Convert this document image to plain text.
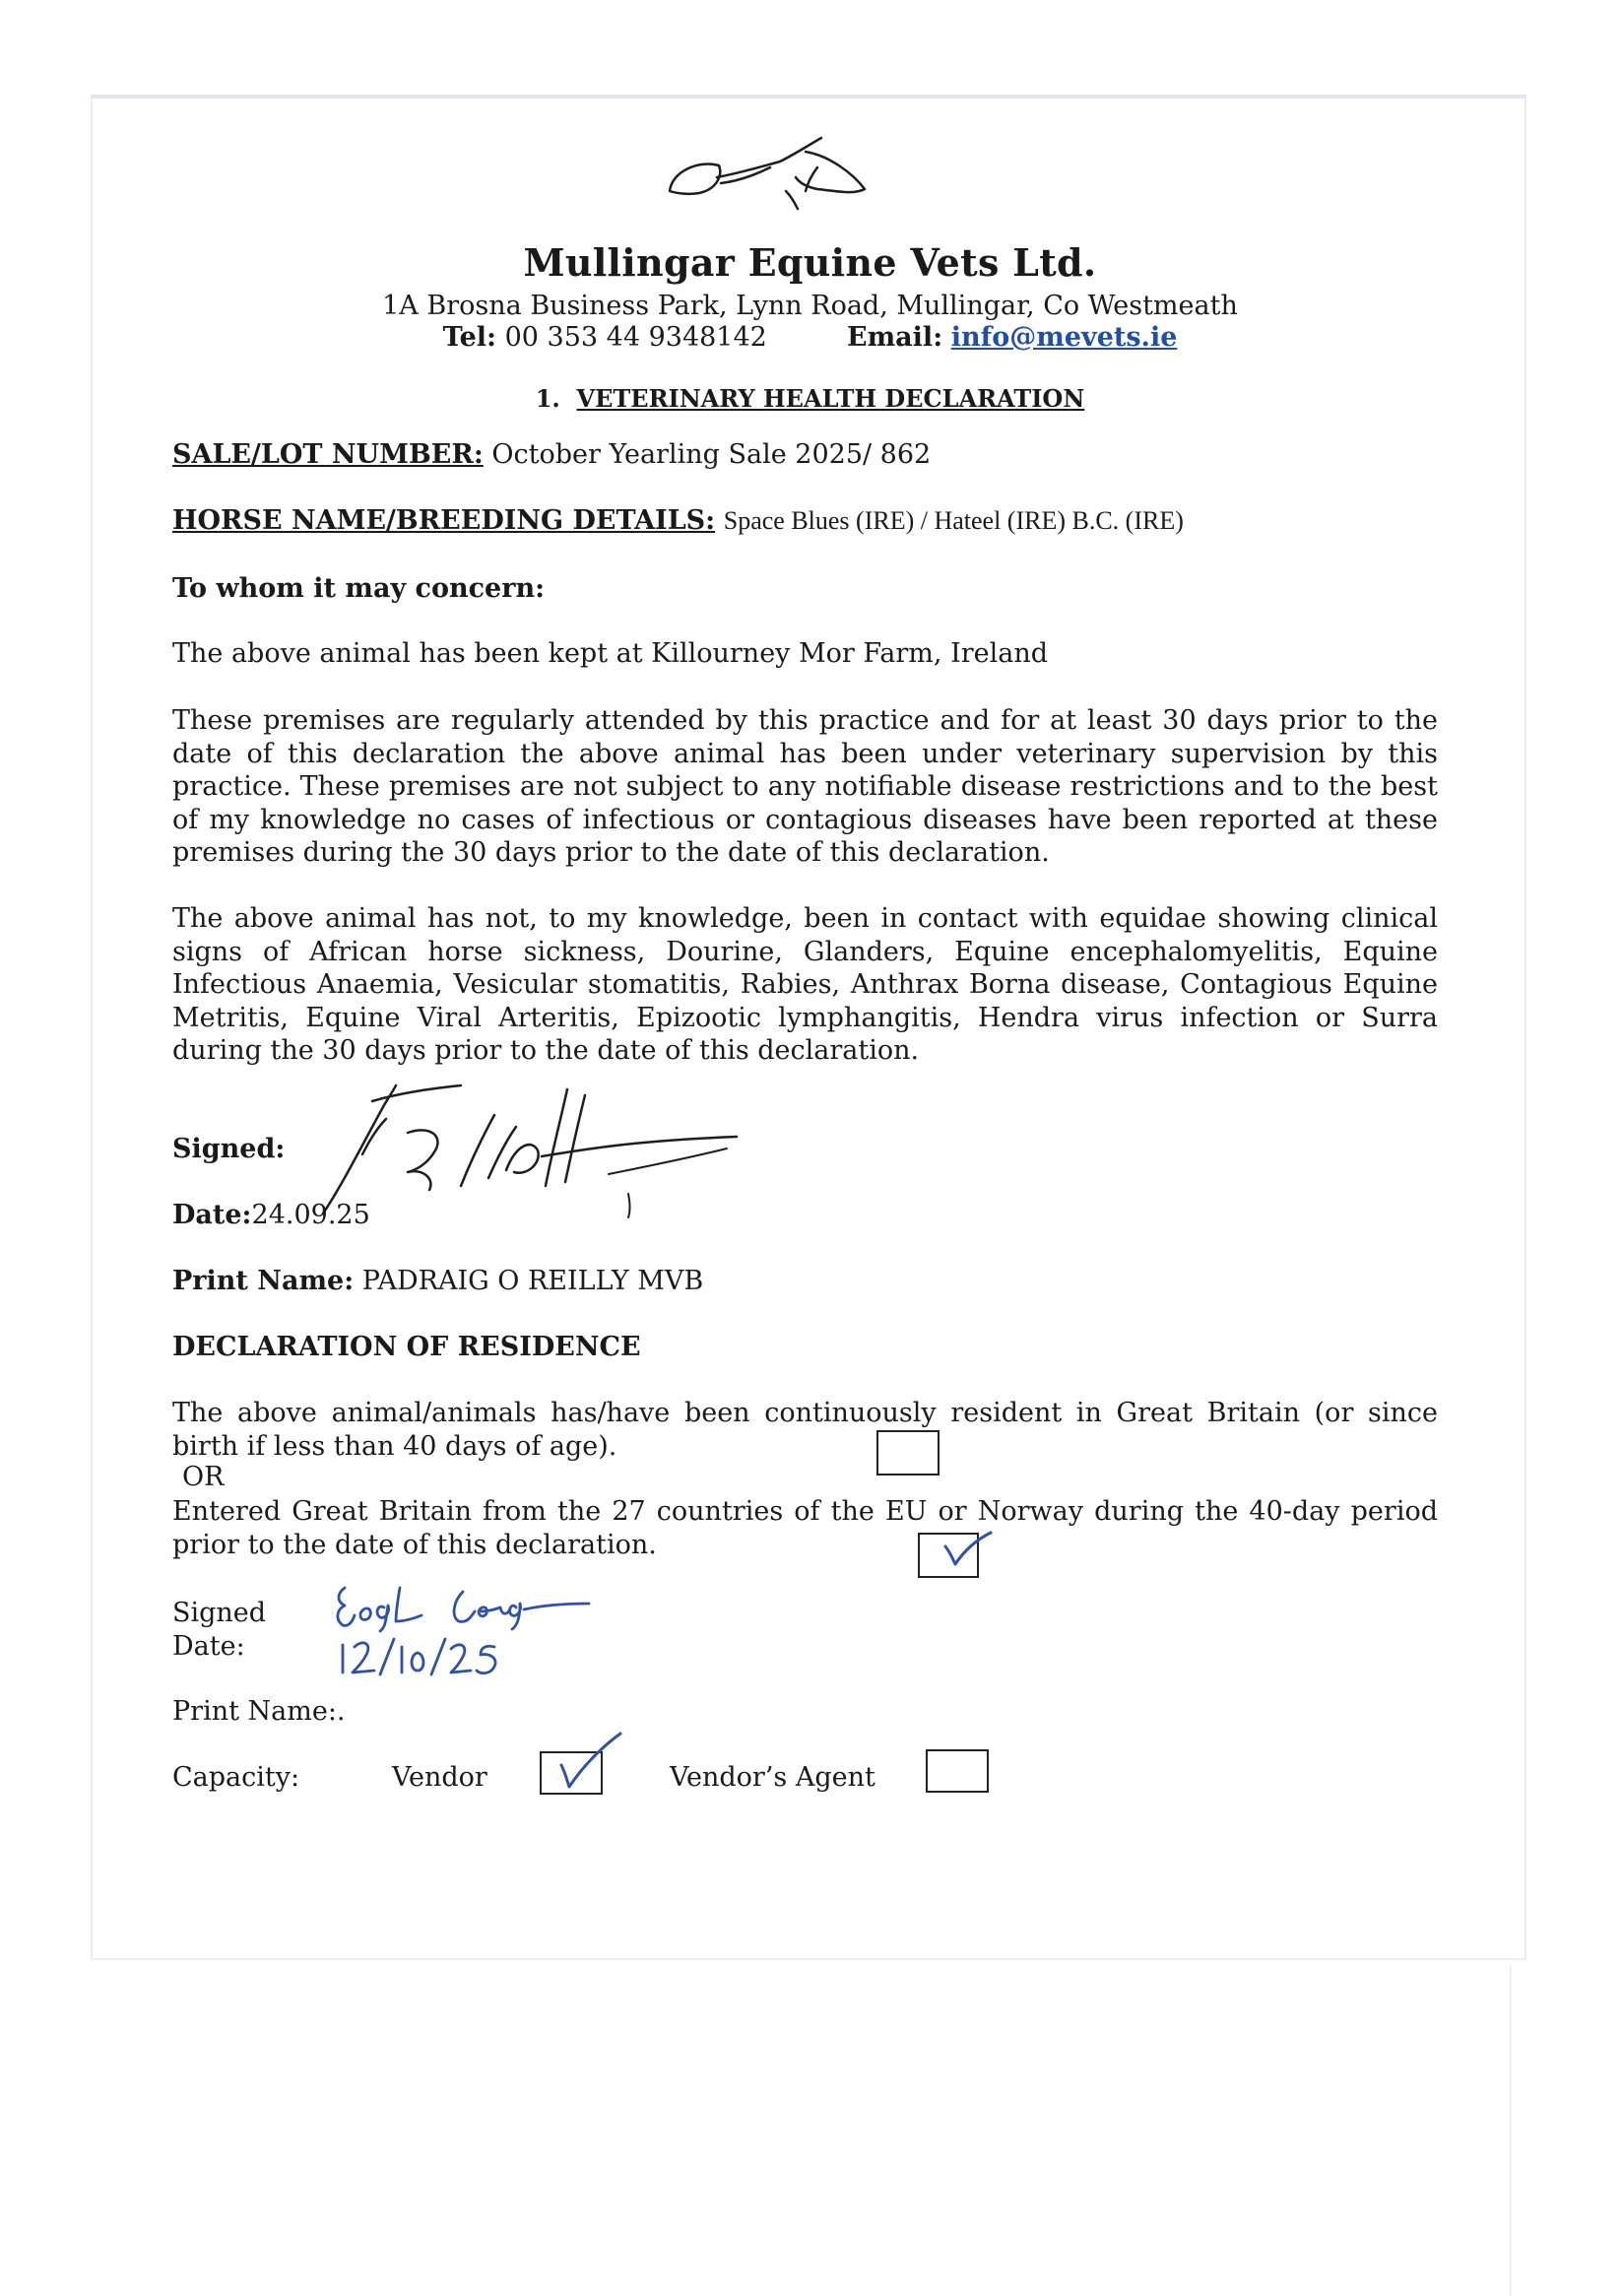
Mullingar Equine Vets Ltd.
1A Brosna Business Park, Lynn Road, Mullingar, Co Westmeath
Tel: 00 353 44 9348142	Email: info@mevets.ie
1. VETERINARY HEALTH DECLARATION
SALE/LOT NUMBER: October Yearling Sale 2025/ 862
HORSE NAME/BREEDING DETAILS: Space Blues (IRE) / Hateel (IRE) B.C. (IRE)
To whom it may concern:
The above animal has been kept at Killourney Mor Farm, Ireland

These premises are regularly attended by this practice and for at least 30 days prior to the date of this declaration the above animal has been under veterinary supervision by this practice. These premises are not subject to any notifiable disease restrictions and to the best of my knowledge no cases of infectious or contagious diseases have been reported at these premises during the 30 days prior to the date of this declaration.

The above animal has not, to my knowledge, been in contact with equidae showing clinical signs of African horse sickness, Dourine, Glanders, Equine encephalomyelitis, Equine Infectious Anaemia, Vesicular stomatitis, Rabies, Anthrax Borna disease, Contagious Equine Metritis, Equine Viral Arteritis, Epizootic lymphangitis, Hendra virus infection or Surra during the 30 days prior to the date of this declaration.

Signed:
Date:24.09.25
Print Name: PADRAIG O REILLY MVB
DECLARATION OF RESIDENCE

The above animal/animals has/have been continuously resident in Great Britain (or since birth if less than 40 days of age).

OR

Entered Great Britain from the 27 countries of the EU or Norway during the 40-day period prior to the date of this declaration.

Signed
Date:
Print Name:.
Capacity:	Vendor	Vendor’s Agent
